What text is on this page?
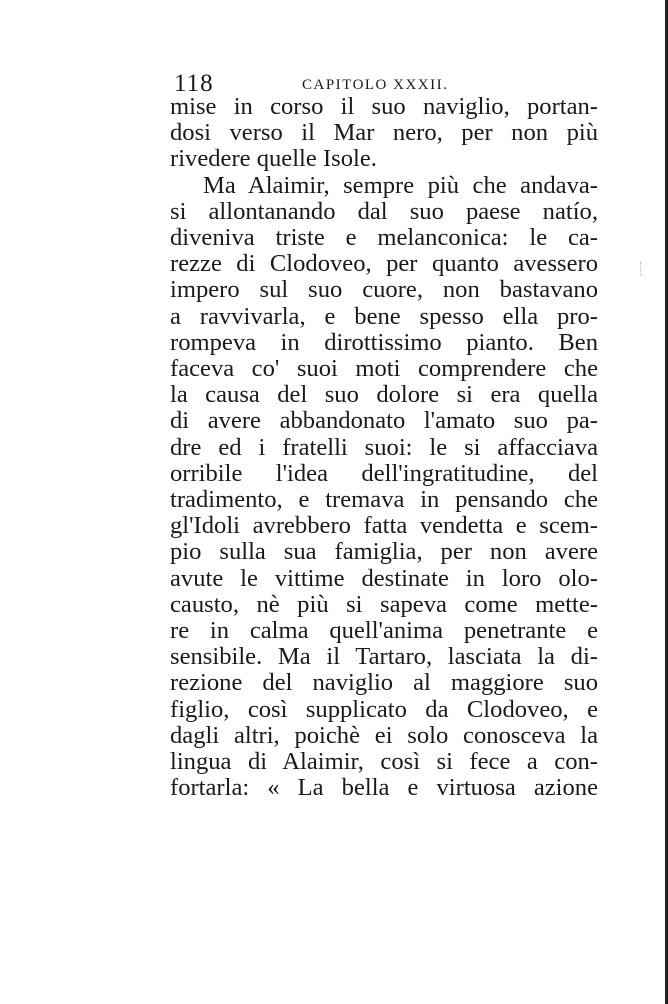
118	CAPITOLO XXXII.
mise in corso il suo naviglio, portan-
dosi verso il Mar nero, per non più
rivedere quelle Isole.
Ma Alaimir, sempre più che andava-
si allontanando dal suo paese natío,
diveniva triste e melanconica: le ca-
rezze di Clodoveo, per quanto avessero
impero sul suo cuore, non bastavano
a ravvivarla, e bene spesso ella pro-
rompeva in dirottissimo pianto. Ben
faceva co' suoi moti comprendere che
la causa del suo dolore si era quella
di avere abbandonato l'amato suo pa-
dre ed i fratelli suoi: le si affacciava
orribile l'idea dell'ingratitudine, del
tradimento, e tremava in pensando che
gl'Idoli avrebbero fatta vendetta e scem-
pio sulla sua famiglia, per non avere
avute le vittime destinate in loro olo-
causto, nè più si sapeva come mette-
re in calma quell'anima penetrante e
sensibile. Ma il Tartaro, lasciata la di-
rezione del naviglio al maggiore suo
figlio, così supplicato da Clodoveo, e
dagli altri, poichè ei solo conosceva la
lingua di Alaimir, così si fece a con-
fortarla: « La bella e virtuosa azione
